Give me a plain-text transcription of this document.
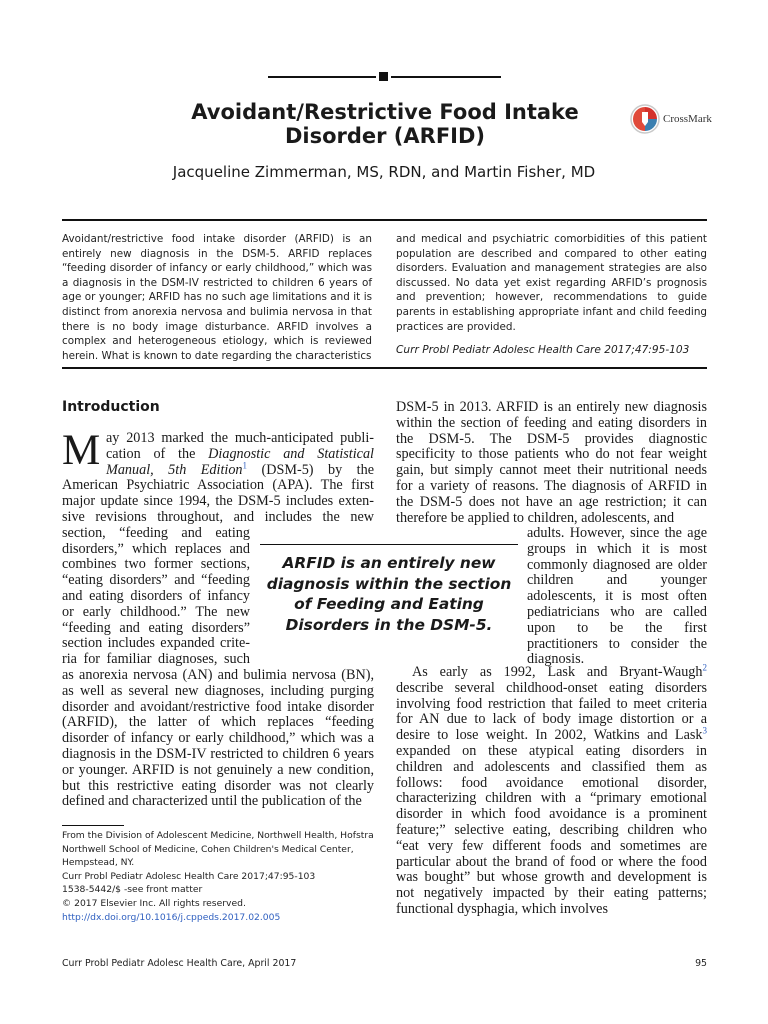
Avoidant/Restrictive Food Intake Disorder (ARFID)
CrossMark

Jacqueline Zimmerman, MS, RDN, and Martin Fisher, MD

Avoidant/restrictive food intake disorder (ARFID) is an entirely new diagnosis in the DSM-5. ARFID replaces “feeding disorder of infancy or early childhood,” which was a diagnosis in the DSM-IV restricted to children 6 years of age or younger; ARFID has no such age limitations and it is distinct from anorexia nervosa and bulimia nervosa in that there is no body image disturbance. ARFID involves a complex and heterogeneous etiology, which is reviewed herein. What is known to date regarding the characteristics

and medical and psychiatric comorbidities of this patient population are described and compared to other eating disorders. Evaluation and management strategies are also discussed. No data yet exist regarding ARFID’s prognosis and prevention; however, recommendations to guide parents in establishing appropriate infant and child feeding practices are provided.

Curr Probl Pediatr Adolesc Health Care 2017;47:95-103

Introduction
M ay 2013 marked the much-anticipated publi-
cation of the Diagnostic and Statistical
Manual, 5th Edition$^1$ (DSM-5) by the
American Psychiatric Association (APA). The first
major update since 1994, the DSM-5 includes exten-
sive revisions throughout, and includes the new
section, “feeding and eating
disorders,” which replaces and
combines two former sections,
“eating disorders” and “feeding
and eating disorders of infancy
or early childhood.” The new
“feeding and eating disorders”
section includes expanded crite-
ria for familiar diagnoses, such

as anorexia nervosa (AN) and bulimia nervosa (BN), as well as several new diagnoses, including purging disorder and avoidant/restrictive food intake disorder (ARFID), the latter of which replaces “feeding disorder of infancy or early childhood,” which was a diagnosis in the DSM-IV restricted to children 6 years or younger. ARFID is not genuinely a new condition, but this restrictive eating disorder was not clearly defined and characterized until the publication of the

ARFID is an entirely new diagnosis within the section of Feeding and Eating Disorders in the DSM-5.

DSM-5 in 2013. ARFID is an entirely new diagnosis within the section of feeding and eating disorders in the DSM-5. The DSM-5 provides diagnostic specificity to those patients who do not fear weight gain, but simply cannot meet their nutritional needs for a variety of reasons. The diagnosis of ARFID in the DSM-5 does not have an age restriction; it can therefore be applied to children, adolescents, and

adults. However, since the age groups in which it is most commonly diagnosed are older children and younger adolescents, it is most often pediatricians who are called upon to be the first practitioners to consider the diagnosis.

As early as 1992, Lask and Bryant-Waugh$^2$ describe several childhood-onset eating disorders involving food restriction that failed to meet criteria for AN due to lack of body image distortion or a desire to lose weight. In 2002, Watkins and Lask$^3$ expanded on these atypical eating disorders in children and adolescents and classified them as follows: food avoidance emotional disorder, characterizing children with a “primary emotional disorder in which food avoidance is a prominent feature;” selective eating, describing children who “eat very few different foods and sometimes are particular about the brand of food or where the food was bought” but whose growth and development is not negatively impacted by their eating patterns; functional dysphagia, which involves

From the Division of Adolescent Medicine, Northwell Health, Hofstra Northwell School of Medicine, Cohen Children's Medical Center, Hempstead, NY.
Curr Probl Pediatr Adolesc Health Care 2017;47:95-103
1538-5442/$ -see front matter
© 2017 Elsevier Inc. All rights reserved.
http://dx.doi.org/10.1016/j.cppeds.2017.02.005

Curr Probl Pediatr Adolesc Health Care, April 2017	95
